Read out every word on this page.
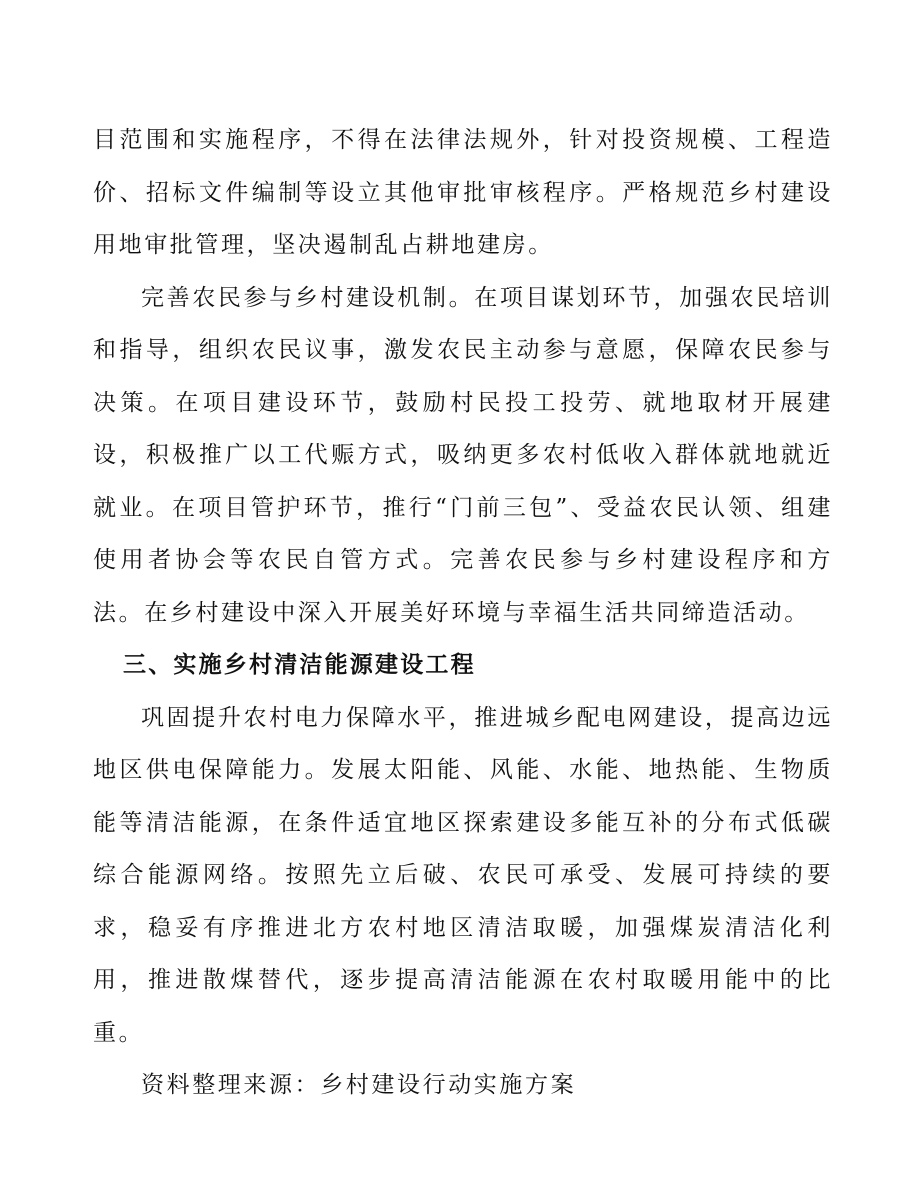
目范围和实施程序，不得在法律法规外，针对投资规模、工程造价、招标文件编制等设立其他审批审核程序。严格规范乡村建设用地审批管理，坚决遏制乱占耕地建房。

完善农民参与乡村建设机制。在项目谋划环节，加强农民培训和指导，组织农民议事，激发农民主动参与意愿，保障农民参与决策。在项目建设环节，鼓励村民投工投劳、就地取材开展建设，积极推广以工代赈方式，吸纳更多农村低收入群体就地就近就业。在项目管护环节，推行“门前三包”、受益农民认领、组建使用者协会等农民自管方式。完善农民参与乡村建设程序和方法。在乡村建设中深入开展美好环境与幸福生活共同缔造活动。

三、实施乡村清洁能源建设工程

巩固提升农村电力保障水平，推进城乡配电网建设，提高边远地区供电保障能力。发展太阳能、风能、水能、地热能、生物质能等清洁能源，在条件适宜地区探索建设多能互补的分布式低碳综合能源网络。按照先立后破、农民可承受、发展可持续的要求，稳妥有序推进北方农村地区清洁取暖，加强煤炭清洁化利用，推进散煤替代，逐步提高清洁能源在农村取暖用能中的比重。

资料整理来源：乡村建设行动实施方案
